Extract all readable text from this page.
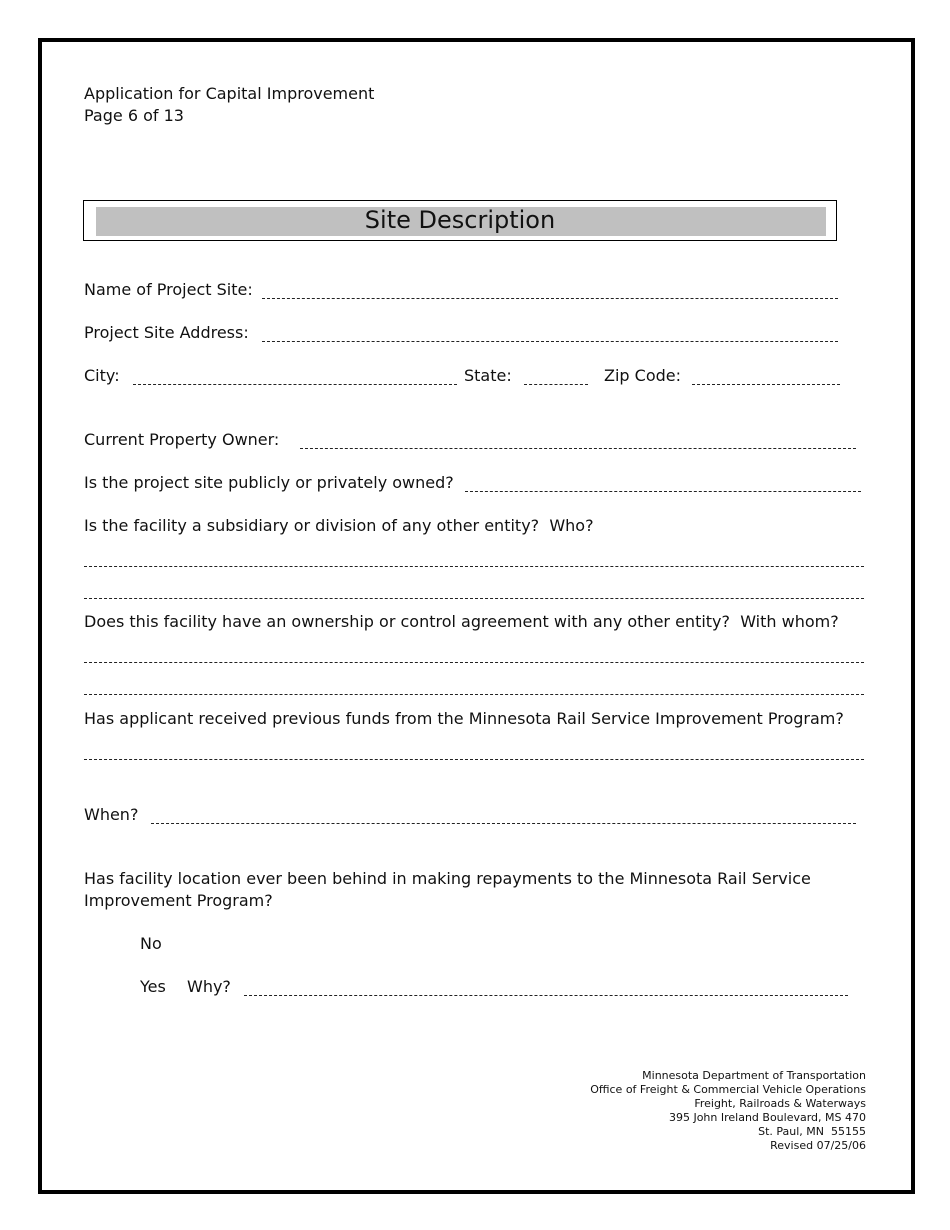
Application for Capital Improvement
Page 6 of 13
Site Description
Name of Project Site:
Project Site Address:
City:	State:	Zip Code:
Current Property Owner:
Is the project site publicly or privately owned?
Is the facility a subsidiary or division of any other entity?  Who?
Does this facility have an ownership or control agreement with any other entity?  With whom?
Has applicant received previous funds from the Minnesota Rail Service Improvement Program?
When?
Has facility location ever been behind in making repayments to the Minnesota Rail Service
Improvement Program?
No
Yes Why?
Minnesota Department of Transportation
Office of Freight & Commercial Vehicle Operations
Freight, Railroads & Waterways
395 John Ireland Boulevard, MS 470
St. Paul, MN  55155
Revised 07/25/06
